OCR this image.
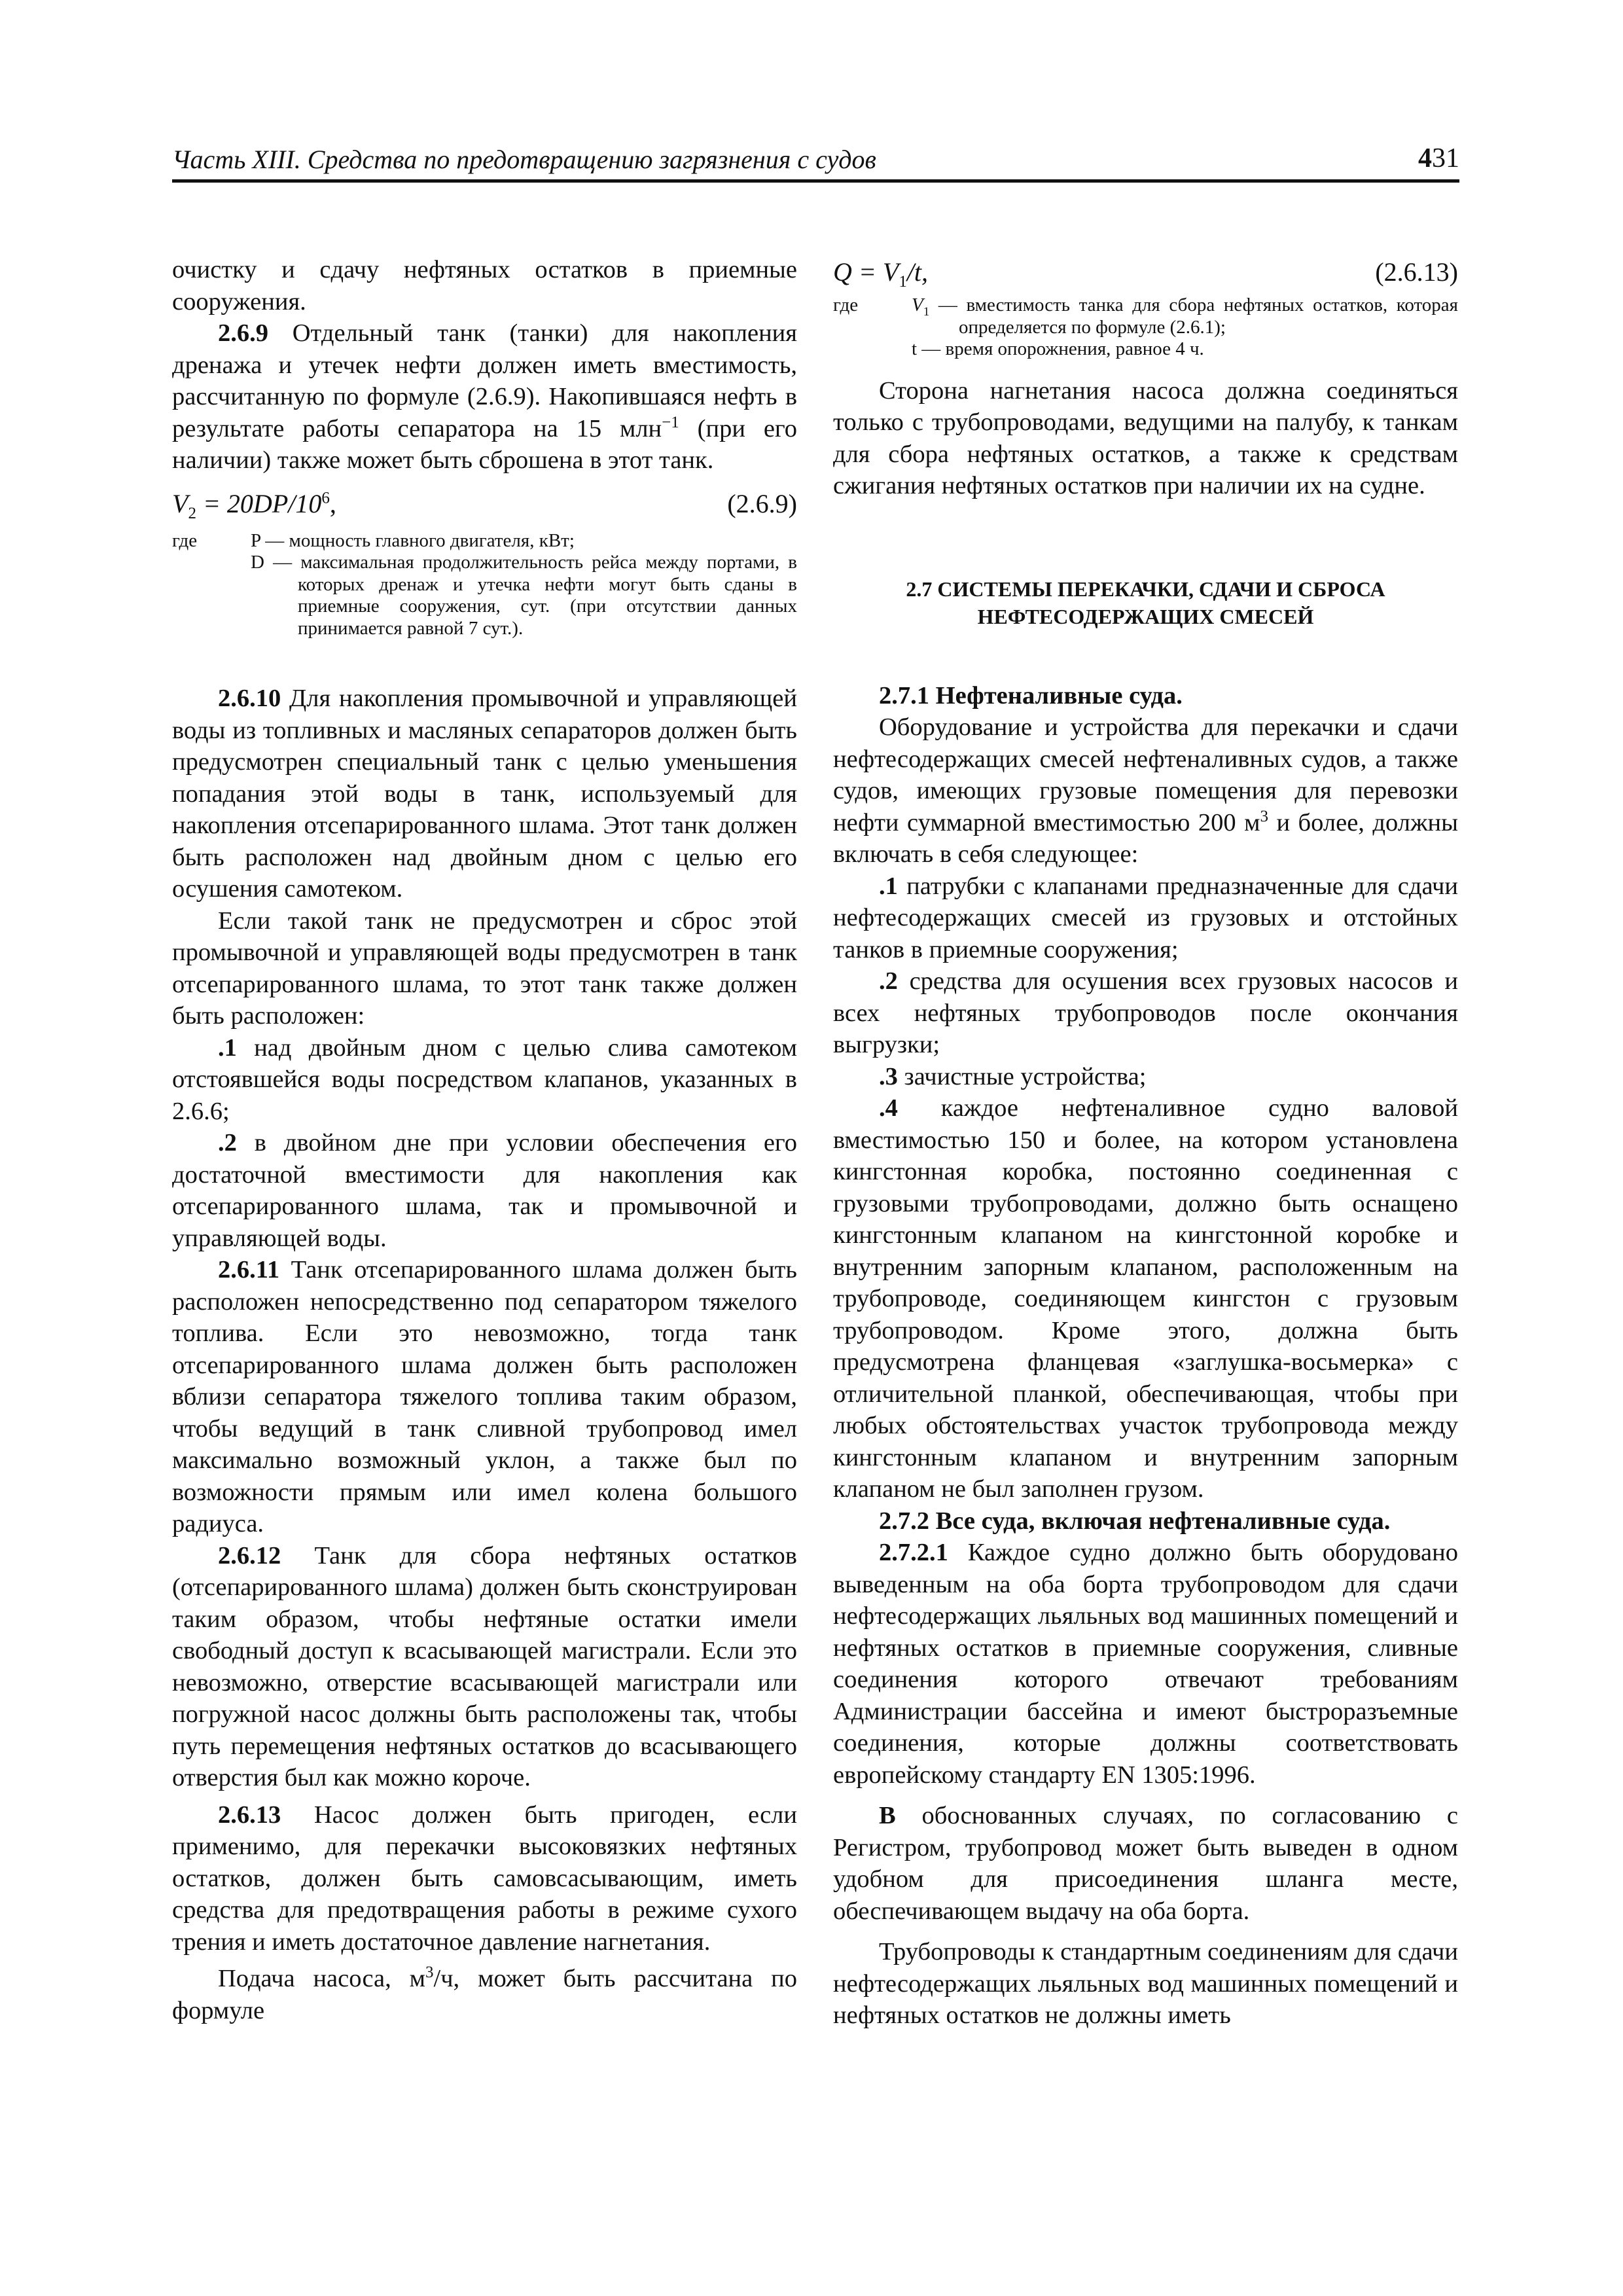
Часть XIII. Средства по предотвращению загрязнения с судов	431

очистку и сдачу нефтяных остатков в приемные сооружения.

2.6.9 Отдельный танк (танки) для накопления дренажа и утечек нефти должен иметь вместимость, рассчитанную по формуле (2.6.9). Накопившаяся нефть в результате работы сепаратора на 15 млн$^{-1}$ (при его наличии) также может быть сброшена в этот танк.

$V_2 = 20DP/10^6$,	(2.6.9)
где	P — мощность главного двигателя, кВт;
D — максимальная продолжительность рейса между портами, в которых дренаж и утечка нефти могут быть сданы в приемные сооружения, сут. (при отсутствии данных принимается равной 7 сут.).

2.6.10 Для накопления промывочной и управляющей воды из топливных и масляных сепараторов должен быть предусмотрен специальный танк с целью уменьшения попадания этой воды в танк, используемый для накопления отсепарированного шлама. Этот танк должен быть расположен над двойным дном с целью его осушения самотеком.

Если такой танк не предусмотрен и сброс этой промывочной и управляющей воды предусмотрен в танк отсепарированного шлама, то этот танк также должен быть расположен:

.1 над двойным дном с целью слива самотеком отстоявшейся воды посредством клапанов, указанных в 2.6.6;

.2 в двойном дне при условии обеспечения его достаточной вместимости для накопления как отсепарированного шлама, так и промывочной и управляющей воды.

2.6.11 Танк отсепарированного шлама должен быть расположен непосредственно под сепаратором тяжелого топлива. Если это невозможно, тогда танк отсепарированного шлама должен быть расположен вблизи сепаратора тяжелого топлива таким образом, чтобы ведущий в танк сливной трубопровод имел максимально возможный уклон, а также был по возможности прямым или имел колена большого радиуса.

2.6.12 Танк для сбора нефтяных остатков (отсепарированного шлама) должен быть сконструирован таким образом, чтобы нефтяные остатки имели свободный доступ к всасывающей магистрали. Если это невозможно, отверстие всасывающей магистрали или погружной насос должны быть расположены так, чтобы путь перемещения нефтяных остатков до всасывающего отверстия был как можно короче.

2.6.13 Насос должен быть пригоден, если применимо, для перекачки высоковязких нефтяных остатков, должен быть самовсасывающим, иметь средства для предотвращения работы в режиме сухого трения и иметь достаточное давление нагнетания.

Подача насоса, $м^3/ч$, может быть рассчитана по формуле

$Q = V_1/t$,	(2.6.13)
где	$V_1$ — вместимость танка для сбора нефтяных остатков, которая определяется по формуле (2.6.1);
t — время опорожнения, равное 4 ч.

Сторона нагнетания насоса должна соединяться только с трубопроводами, ведущими на палубу, к танкам для сбора нефтяных остатков, а также к средствам сжигания нефтяных остатков при наличии их на судне.

2.7 СИСТЕМЫ ПЕРЕКАЧКИ, СДАЧИ И СБРОСА

НЕФТЕСОДЕРЖАЩИХ СМЕСЕЙ

2.7.1 Нефтеналивные суда.

Оборудование и устройства для перекачки и сдачи нефтесодержащих смесей нефтеналивных судов, а также судов, имеющих грузовые помещения для перевозки нефти суммарной вместимостью 200 $м^3$ и более, должны включать в себя следующее:

.1 патрубки с клапанами предназначенные для сдачи нефтесодержащих смесей из грузовых и отстойных танков в приемные сооружения;

.2 средства для осушения всех грузовых насосов и всех нефтяных трубопроводов после окончания выгрузки;

.3 зачистные устройства;

.4 каждое нефтеналивное судно валовой вместимостью 150 и более, на котором установлена кингстонная коробка, постоянно соединенная с грузовыми трубопроводами, должно быть оснащено кингстонным клапаном на кингстонной коробке и внутренним запорным клапаном, расположенным на трубопроводе, соединяющем кингстон с грузовым трубопроводом. Кроме этого, должна быть предусмотрена фланцевая «заглушка-восьмерка» с отличительной планкой, обеспечивающая, чтобы при любых обстоятельствах участок трубопровода между кингстонным клапаном и внутренним запорным клапаном не был заполнен грузом.

2.7.2 Все суда, включая нефтеналивные суда.

2.7.2.1 Каждое судно должно быть оборудовано выведенным на оба борта трубопроводом для сдачи нефтесодержащих льяльных вод машинных помещений и нефтяных остатков в приемные сооружения, сливные соединения которого отвечают требованиям Администрации бассейна и имеют быстроразъемные соединения, которые должны соответствовать европейскому стандарту EN 1305:1996.

В обоснованных случаях, по согласованию с Регистром, трубопровод может быть выведен в одном удобном для присоединения шланга месте, обеспечивающем выдачу на оба борта.

Трубопроводы к стандартным соединениям для сдачи нефтесодержащих льяльных вод машинных помещений и нефтяных остатков не должны иметь
